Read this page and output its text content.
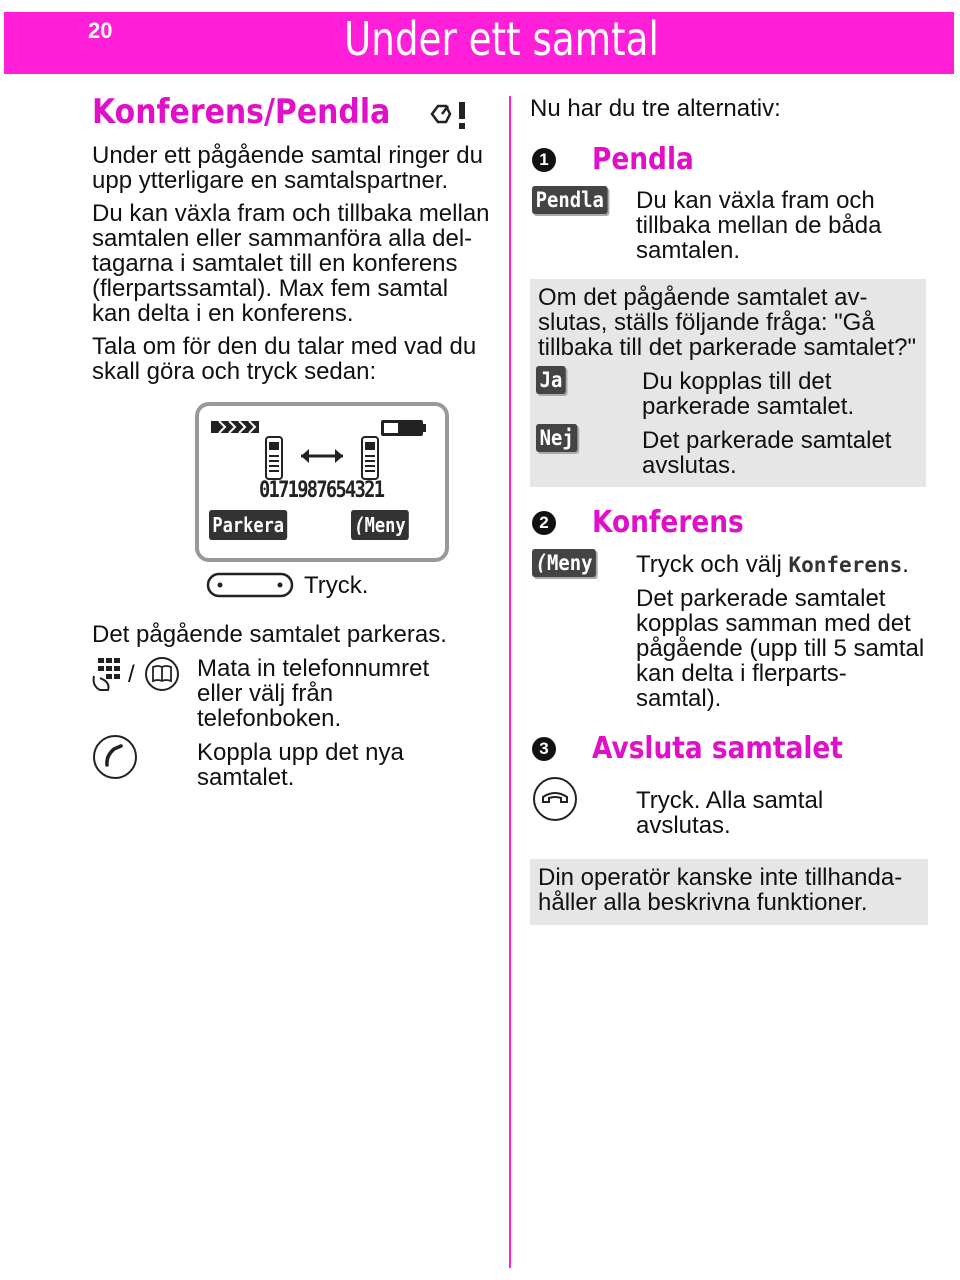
20	Under ett samtal
Konferens/Pendla
Under ett pågående samtal ringer du
upp ytterligare en samtalspartner.
Du kan växla fram och tillbaka mellan
samtalen eller sammanföra alla del-
tagarna i samtalet till en konferens
(flerpartssamtal). Max fem samtal
kan delta i en konferens.
Tala om för den du talar med vad du
skall göra och tryck sedan:
0171987654321
Parkera	(Meny
Tryck.
Det pågående samtalet parkeras.
/	Mata in telefonnumret
eller välj från
telefonboken.
Koppla upp det nya
samtalet.
Nu har du tre alternativ:
1 Pendla
Pendla Du kan växla fram och
tillbaka mellan de båda
samtalen.
Om det pågående samtalet av-
slutas, ställs följande fråga: "Gå
tillbaka till det parkerade samtalet?"
Ja	Du kopplas till det
parkerade samtalet.
Nej	Det parkerade samtalet
avslutas.
2 Konferens
(Meny Tryck och välj Konferens.
Det parkerade samtalet
kopplas samman med det
pågående (upp till 5 samtal
kan delta i flerparts-
samtal).
3 Avsluta samtalet
Tryck. Alla samtal
avslutas.
Din operatör kanske inte tillhanda-
håller alla beskrivna funktioner.
